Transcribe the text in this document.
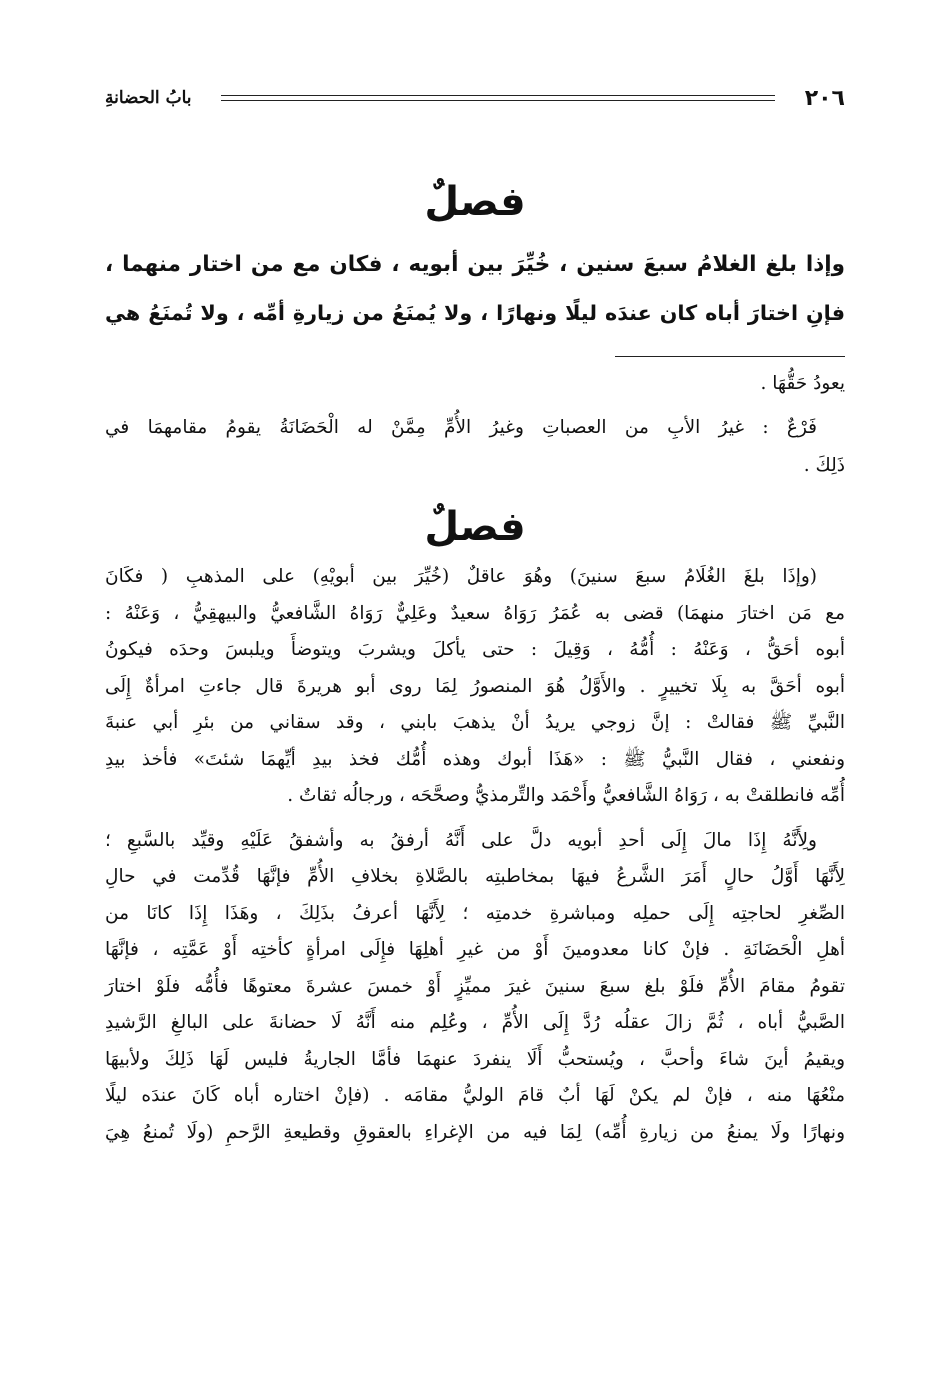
٢٠٦
بابُ الحضانةِ
فصلٌ
وإذا بلغ الغلامُ سبعَ سنين ، خُيِّرَ بين أبويه ، فكان مع من اختار منهما ،
فإنِ اختارَ أباه كان عندَه ليلًا ونهارًا ، ولا يُمنَعُ من زيارةِ أمِّه ، ولا تُمنَعُ هي
يعودُ حَقُّهَا .
فَرْعٌ : غيرُ الأبِ من العصباتِ وغيرُ الأُمِّ مِمَّنْ له الْحَضَانَةُ يقومُ مقامهمَا في
ذَلِكَ .
فصلٌ
(وإذَا بلغَ الغُلَامُ سبعَ سنينَ) وهُوَ عاقلٌ (خُيِّرَ بين أبويْهِ) على المذهبِ ( فكَانَ
مع مَن اختارَ منهمَا) قضى به عُمَرُ رَوَاهُ سعيدٌ وعَلِيٌّ رَوَاهُ الشَّافعيُّ والبيهقِيُّ ، وَعَنْهُ :
أبوه أحَقُّ ، وَعَنْهُ : أُمُّهُ ، وَقِيلَ : حتى يأكلَ ويشربَ ويتوضأَ ويلبسَ وحدَه فيكونُ
أبوه أحَقَّ به بِلَا تخييرٍ . والأَوَّلُ هُوَ المنصورُ لِمَا روى أبو هريرةَ قال جاءتِ امرأةٌ إِلَى
النَّبيِّ ﷺ فقالتْ : إنَّ زوجي يريدُ أنْ يذهبَ بابني ، وقد سقاني من بئرِ أبي عنبةَ
ونفعني ، فقال النَّبيُّ ﷺ : «هَذَا أبوك وهذه أُمُّك فخذ بيدِ أيِّهمَا شئتَ» فأخذ بيدِ
أُمِّه فانطلقتْ به ، رَوَاهُ الشَّافعيُّ وأَحْمَد والتِّرمذيُّ وصحَّحَه ، ورجالُه ثقاتٌ .
ولِأَنَّهُ إِذَا مالَ إِلَى أحدِ أبويه دلَّ على أَنَّهُ أرفقُ به وأشفقُ عَلَيْهِ وقيِّد بالسَّبعِ ؛
لِأَنَّهَا أَوَّلُ حالٍ أَمَرَ الشَّرعُ فيهَا بمخاطبتِه بالصَّلاةِ بخلافِ الأُمِّ فإنَّهَا قُدِّمت في حالِ
الصِّغرِ لحاجتِه إِلَى حملِه ومباشرةِ خدمتِه ؛ لِأَنَّهَا أعرفُ بذَلِكَ ، وهَذَا إِذَا كانَا من
أهلِ الْحَضَانَةِ . فإنْ كانا معدومينَ أَوْ من غيرِ أهلِهَا فإِلَى امرأةٍ كأختِه أَوْ عَمَّتِه ، فإنَّهَا
تقومُ مقامَ الأُمِّ فلَوْ بلغ سبعَ سنينَ غيرَ مميِّزٍ أَوْ خمسَ عشرةَ معتوهًا فأُمُّه فلَوْ اختارَ
الصَّبيُّ أباه ، ثُمَّ زالَ عقلُه رُدَّ إِلَى الأُمِّ ، وعُلِم منه أَنَّهُ لَا حضانةَ على البالغِ الرَّشيدِ
ويقيمُ أينَ شاءَ وأحبَّ ، ويُستحبُّ أَلَا ينفردَ عنهمَا فأمَّا الجاريةُ فليس لَهَا ذَلِكَ ولأبيهَا
منْعُهَا منه ، فإنْ لم يكنْ لَهَا أبٌ قامَ الوليُّ مقامَه . (فإنْ اختاره أباه كَانَ عندَه ليلًا
ونهارًا ولَا يمنعُ من زيارةِ أُمِّه) لِمَا فيه من الإغراءِ بالعقوقِ وقطيعةِ الرَّحمِ (ولَا تُمنعُ هِيَ
